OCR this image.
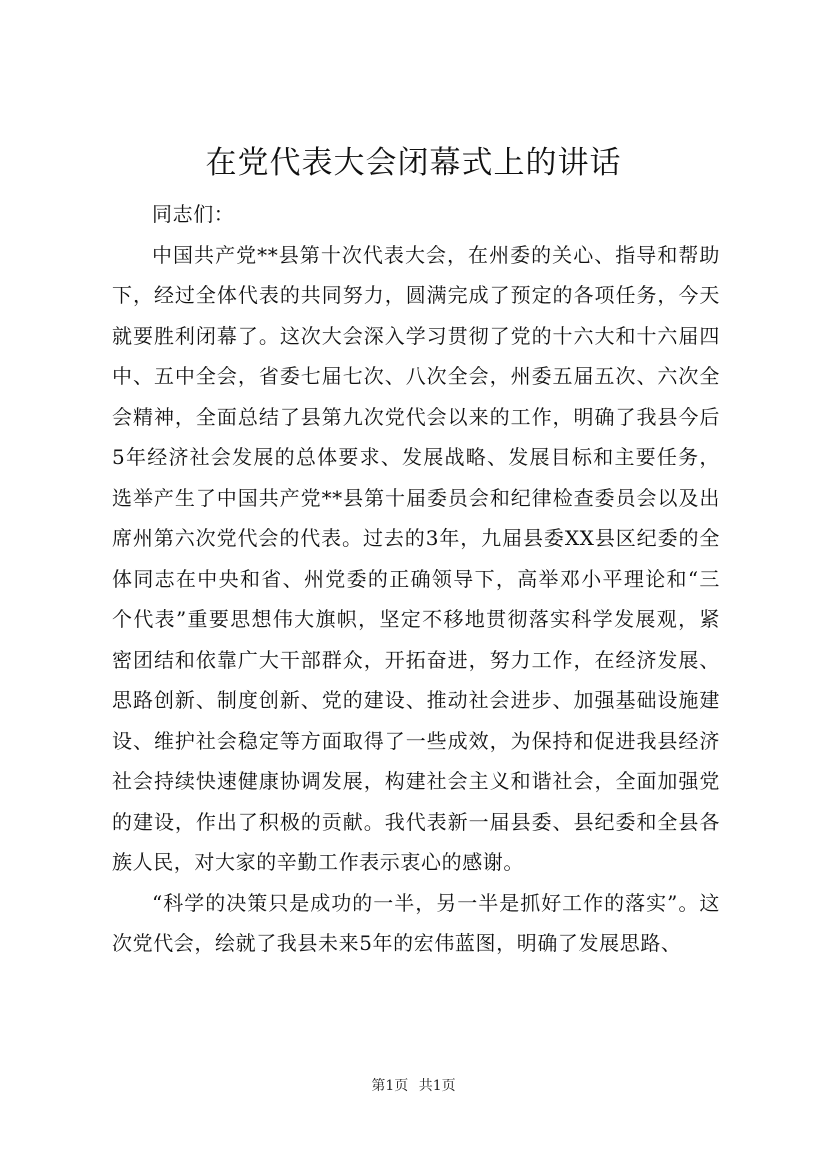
在党代表大会闭幕式上的讲话

同志们：

中国共产党**县第十次代表大会，在州委的关心、指导和帮助下，经过全体代表的共同努力，圆满完成了预定的各项任务，今天就要胜利闭幕了。这次大会深入学习贯彻了党的十六大和十六届四中、五中全会，省委七届七次、八次全会，州委五届五次、六次全会精神，全面总结了县第九次党代会以来的工作，明确了我县今后5年经济社会发展的总体要求、发展战略、发展目标和主要任务，选举产生了中国共产党**县第十届委员会和纪律检查委员会以及出席州第六次党代会的代表。过去的3年，九届县委XX县区纪委的全体同志在中央和省、州党委的正确领导下，高举邓小平理论和“三个代表”重要思想伟大旗帜，坚定不移地贯彻落实科学发展观，紧密团结和依靠广大干部群众，开拓奋进，努力工作，在经济发展、思路创新、制度创新、党的建设、推动社会进步、加强基础设施建设、维护社会稳定等方面取得了一些成效，为保持和促进我县经济社会持续快速健康协调发展，构建社会主义和谐社会，全面加强党的建设，作出了积极的贡献。我代表新一届县委、县纪委和全县各族人民，对大家的辛勤工作表示衷心的感谢。

“科学的决策只是成功的一半，另一半是抓好工作的落实”。这次党代会，绘就了我县未来5年的宏伟蓝图，明确了发展思路、

第1页 共1页
